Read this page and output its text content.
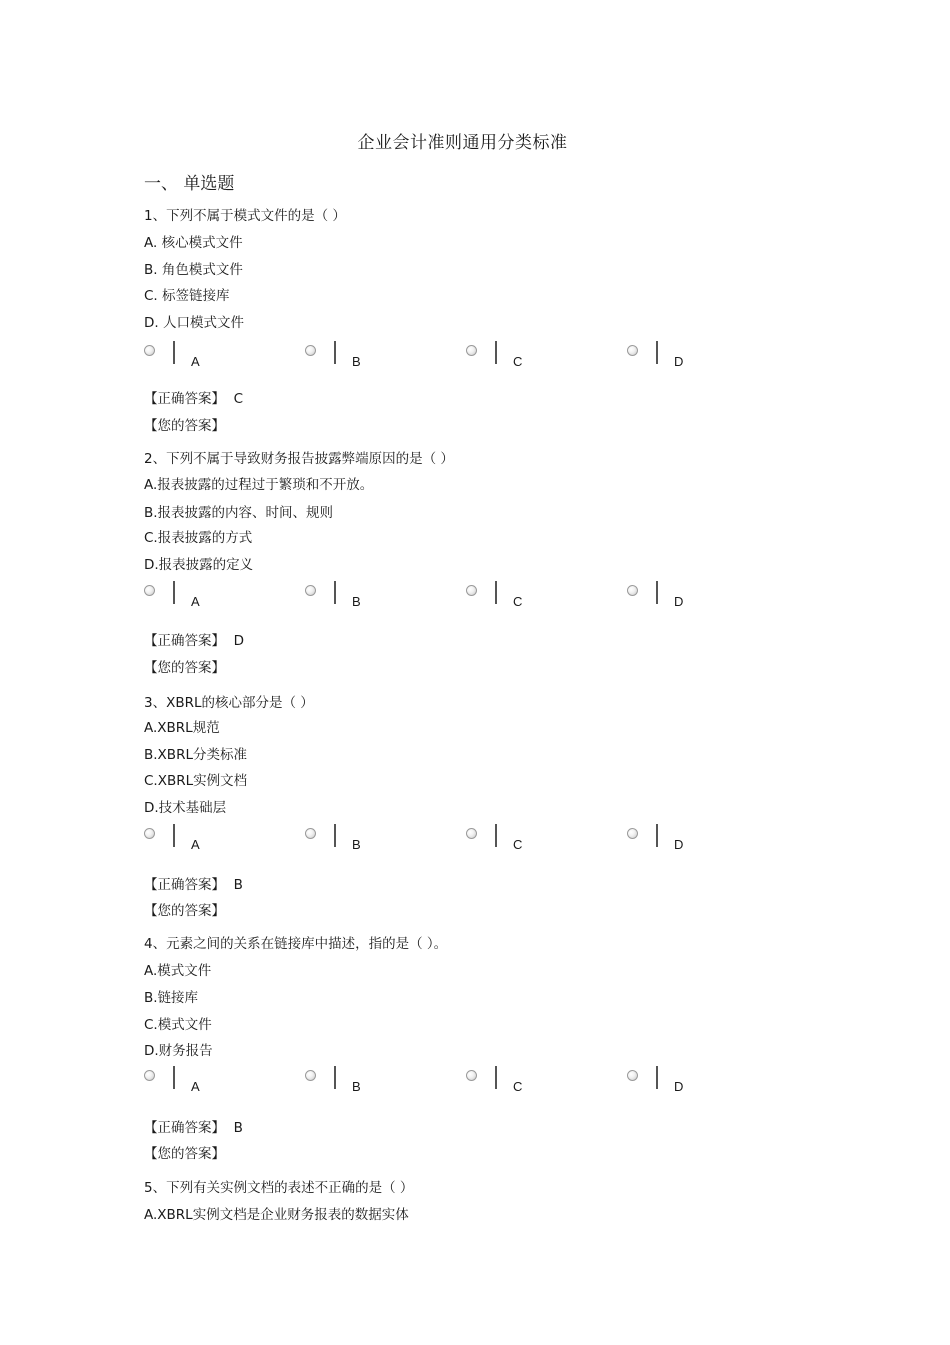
企业会计准则通用分类标准
一、 单选题
1、下列不属于模式文件的是（ ）
A. 核心模式文件
B. 角色模式文件
C. 标签链接库
D. 人口模式文件
A	B	C	D
【正确答案】 C
【您的答案】
2、下列不属于导致财务报告披露弊端原因的是（ ）
A.报表披露的过程过于繁琐和不开放。
B.报表披露的内容、时间、规则
C.报表披露的方式
D.报表披露的定义
A	B	C	D
【正确答案】 D
【您的答案】
3、XBRL的核心部分是（ ）
A.XBRL规范
B.XBRL分类标准
C.XBRL实例文档
D.技术基础层
A	B	C	D
【正确答案】 B
【您的答案】
4、元素之间的关系在链接库中描述，指的是（ ）。
A.模式文件
B.链接库
C.模式文件
D.财务报告
A	B	C	D
【正确答案】 B
【您的答案】
5、下列有关实例文档的表述不正确的是（ ）
A.XBRL实例文档是企业财务报表的数据实体
